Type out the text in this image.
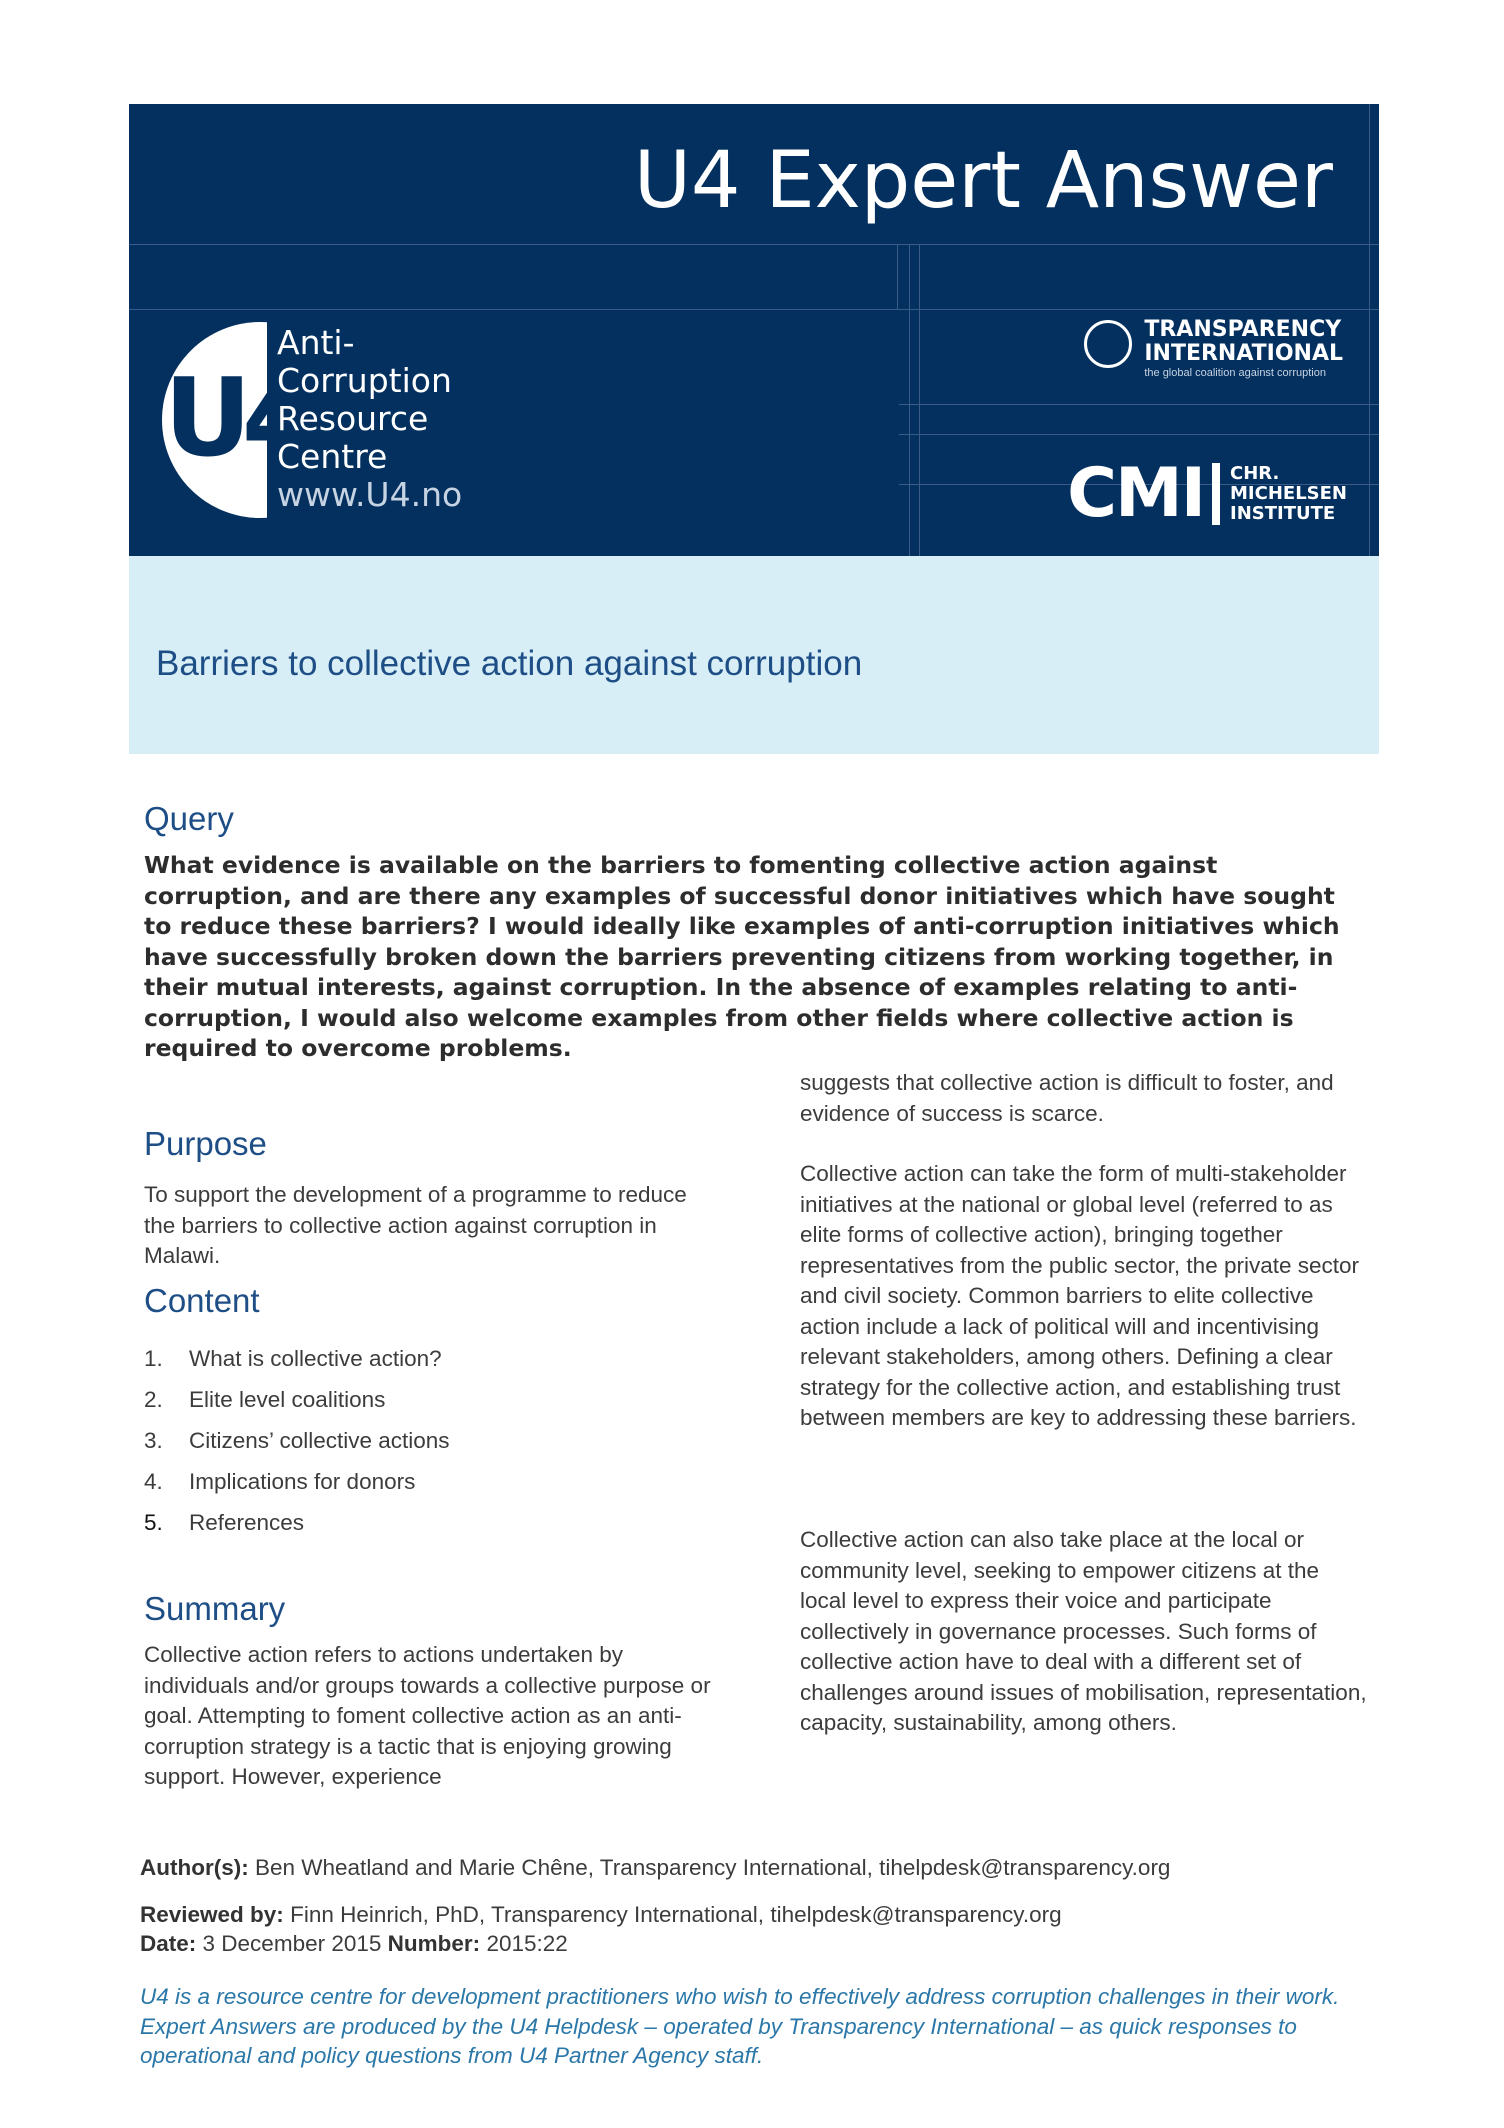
U4 Expert Answer
U4
Anti-
Corruption
Resource
Centre
www.U4.no
TRANSPARENCY
INTERNATIONAL
the global coalition against corruption
CMI CHR.
MICHELSEN
INSTITUTE
Barriers to collective action against corruption
Query

What evidence is available on the barriers to fomenting collective action against corruption, and are there any examples of successful donor initiatives which have sought to reduce these barriers? I would ideally like examples of anti-corruption initiatives which have successfully broken down the barriers preventing citizens from working together, in their mutual interests, against corruption. In the absence of examples relating to anti-corruption, I would also welcome examples from other fields where collective action is required to overcome problems.

Purpose

To support the development of a programme to reduce the barriers to collective action against corruption in Malawi.

Content
1. What is collective action?
2. Elite level coalitions
3. Citizens’ collective actions
4. Implications for donors
5. References
Summary

Collective action refers to actions undertaken by individuals and/or groups towards a collective purpose or goal. Attempting to foment collective action as an anti-corruption strategy is a tactic that is enjoying growing support. However, experience

suggests that collective action is difficult to foster, and evidence of success is scarce.

Collective action can take the form of multi-stakeholder initiatives at the national or global level (referred to as elite forms of collective action), bringing together representatives from the public sector, the private sector and civil society. Common barriers to elite collective action include a lack of political will and incentivising relevant stakeholders, among others. Defining a clear strategy for the collective action, and establishing trust between members are key to addressing these barriers.

Collective action can also take place at the local or community level, seeking to empower citizens at the local level to express their voice and participate collectively in governance processes. Such forms of collective action have to deal with a different set of challenges around issues of mobilisation, representation, capacity, sustainability, among others.

Author(s): Ben Wheatland and Marie Chêne, Transparency International, tihelpdesk@transparency.org

Reviewed by: Finn Heinrich, PhD, Transparency International, tihelpdesk@transparency.org

Date: 3 December 2015 Number: 2015:22

U4 is a resource centre for development practitioners who wish to effectively address corruption challenges in their work. Expert Answers are produced by the U4 Helpdesk – operated by Transparency International – as quick responses to operational and policy questions from U4 Partner Agency staff.
